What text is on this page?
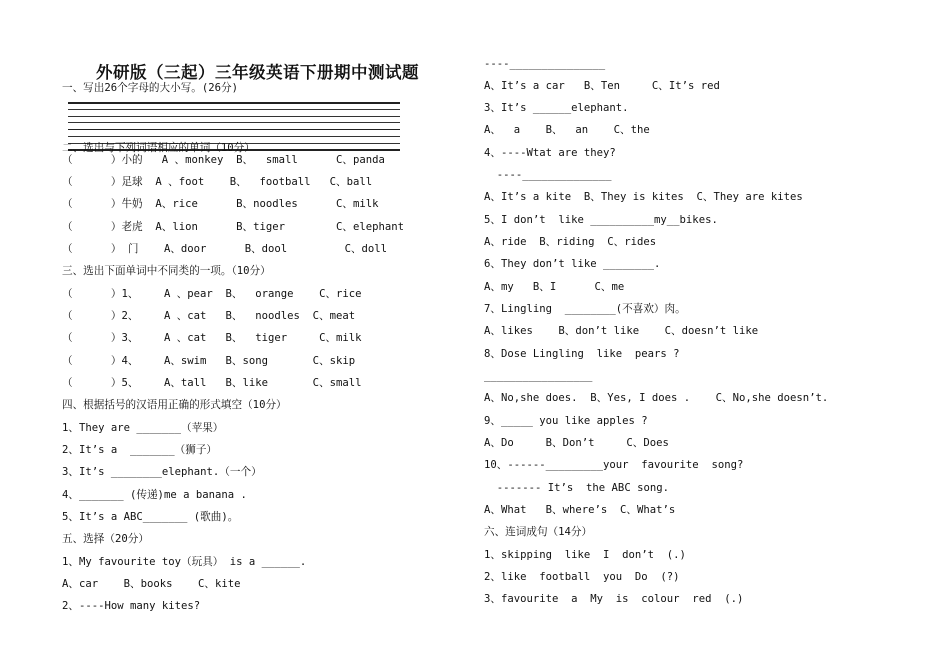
外研版（三起）三年级英语下册期中测试题
一、写出26个字母的大小写。(26分)
二、选出与下列词语相应的单词（10分）
（      ）小的   A 、monkey  B、  small      C、panda
（      ）足球  A 、foot    B、  football   C、ball
（      ）牛奶  A、rice      B、noodles      C、milk
（      ）老虎  A、lion      B、tiger        C、elephant
（      ） 门    A、door      B、dool         C、doll
三、选出下面单词中不同类的一项。（10分）
（      ）1、    A 、pear  B、  orange    C、rice
（      ）2、    A 、cat   B、  noodles  C、meat
（      ）3、    A 、cat   B、  tiger     C、milk
（      ）4、    A、swim   B、song       C、skip
（      ）5、    A、tall   B、like       C、small
四、根据括号的汉语用正确的形式填空（10分）
1、They are _______（苹果）
2、It’s a  _______（狮子）
3、It’s ________elephant.（一个）
4、_______ (传递)me a banana .
5、It’s a ABC_______ (歌曲)。
五、选择（20分）
1、My favourite toy（玩具） is a ______.
A、car    B、books    C、kite
2、----How many kites?
----_______________
A、It’s a car   B、Ten     C、It’s red
3、It’s ______elephant.
A、  a    B、  an    C、the
4、----Wtat are they?
----______________
A、It’s a kite  B、They is kites  C、They are kites
5、I don’t  like __________my__bikes.
A、ride  B、riding  C、rides
6、They don’t like ________.
A、my   B、I      C、me
7、Lingling  ________(不喜欢）肉。
A、likes    B、don’t like    C、doesn’t like
8、Dose Lingling  like  pears ?
_________________
A、No,she does.  B、Yes, I does .    C、No,she doesn’t.
9、_____ you like apples ?
A、Do     B、Don’t     C、Does
10、------_________your  favourite  song?
------- It’s  the ABC song.
A、What   B、where’s  C、What’s
六、连词成句（14分）
1、skipping  like  I  don’t  (.)
2、like  football  you  Do  (?)
3、favourite  a  My  is  colour  red  (.)
